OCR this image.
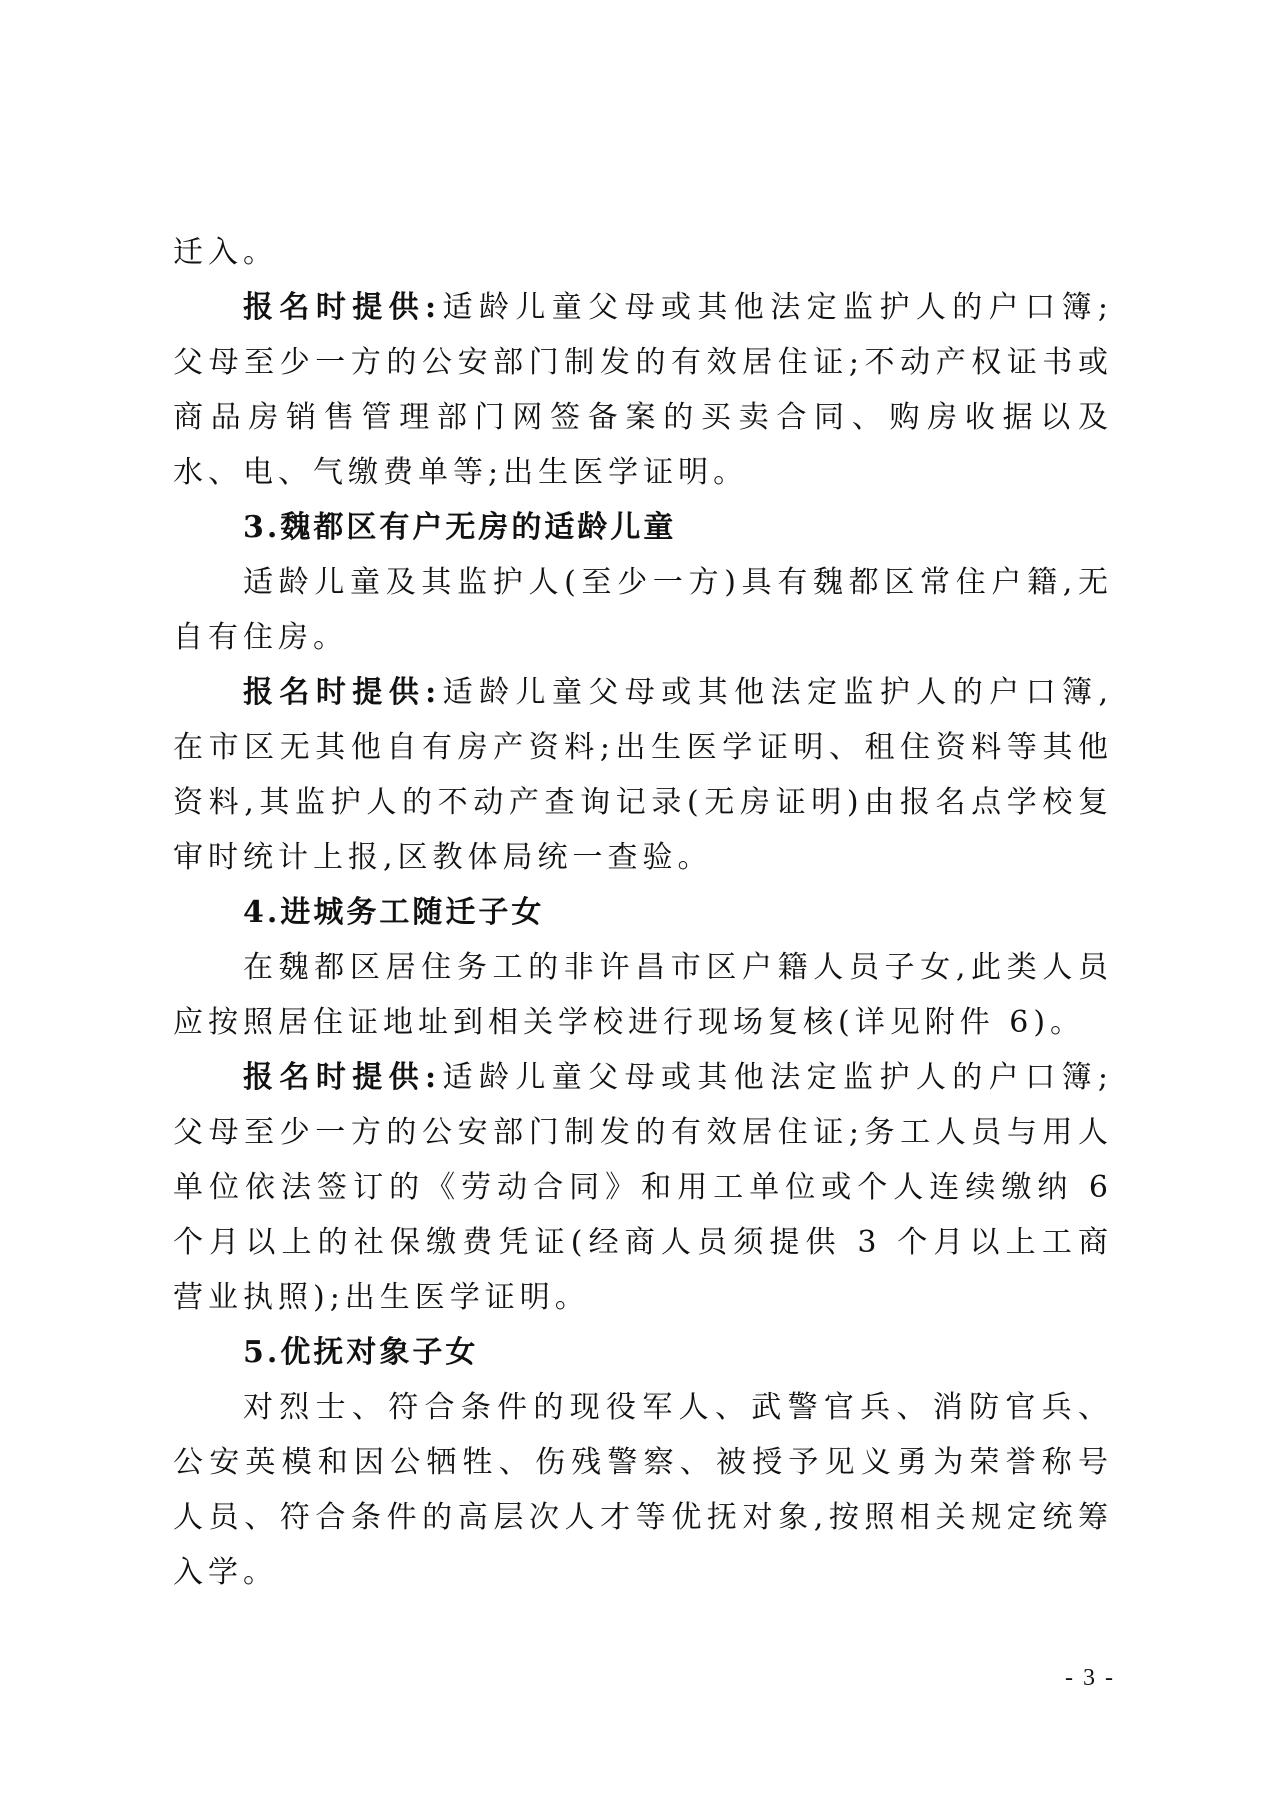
迁入。

报名时提供:适龄儿童父母或其他法定监护人的户口簿;父母至少一方的公安部门制发的有效居住证;不动产权证书或商品房销售管理部门网签备案的买卖合同、购房收据以及水、电、气缴费单等;出生医学证明。

3.魏都区有户无房的适龄儿童

适龄儿童及其监护人(至少一方)具有魏都区常住户籍,无自有住房。

报名时提供:适龄儿童父母或其他法定监护人的户口簿,在市区无其他自有房产资料;出生医学证明、租住资料等其他资料,其监护人的不动产查询记录(无房证明)由报名点学校复审时统计上报,区教体局统一查验。

4.进城务工随迁子女

在魏都区居住务工的非许昌市区户籍人员子女,此类人员应按照居住证地址到相关学校进行现场复核(详见附件 6)。

报名时提供:适龄儿童父母或其他法定监护人的户口簿;父母至少一方的公安部门制发的有效居住证;务工人员与用人单位依法签订的《劳动合同》和用工单位或个人连续缴纳 6 个月以上的社保缴费凭证(经商人员须提供 3 个月以上工商营业执照);出生医学证明。

5.优抚对象子女

对烈士、符合条件的现役军人、武警官兵、消防官兵、公安英模和因公牺牲、伤残警察、被授予见义勇为荣誉称号人员、符合条件的高层次人才等优抚对象,按照相关规定统筹入学。

- 3 -
